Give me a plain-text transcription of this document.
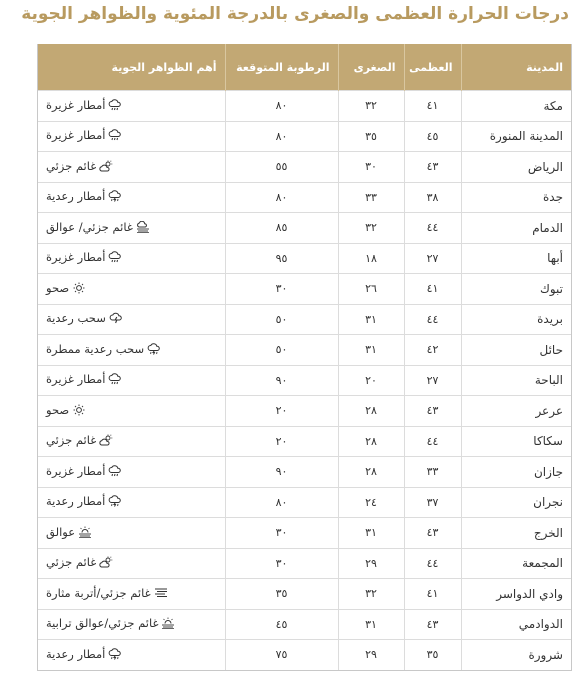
درجات الحرارة العظمى والصغرى بالدرجة المئوية والظواهر الجوية
المدينة	العظمى	الصغرى	الرطوبة المتوقعة	أهم الظواهر الجوية
مكة	٤١	٣٢	٨٠	أمطار غزيرة

المدينة المنورة	٤٥	٣٥	٨٠	أمطار غزيرة

الرياض	٤٣	٣٠	٥٥	غائم جزئي

جدة	٣٨	٣٣	٨٠	أمطار رعدية

الدمام	٤٤	٣٢	٨٥	غائم جزئي/ عوالق

أبها	٢٧	١٨	٩٥	أمطار غزيرة

تبوك	٤١	٢٦	٣٠	صحو

بريدة	٤٤	٣١	٥٠	سحب رعدية

حائل	٤٢	٣١	٥٠	سحب رعدية ممطرة

الباحة	٢٧	٢٠	٩٠	أمطار غزيرة

عرعر	٤٣	٢٨	٢٠	صحو

سكاكا	٤٤	٢٨	٢٠	غائم جزئي

جازان	٣٣	٢٨	٩٠	أمطار غزيرة

نجران	٣٧	٢٤	٨٠	أمطار رعدية

الخرج	٤٣	٣١	٣٠	عوالق

المجمعة	٤٤	٢٩	٣٠	غائم جزئي

وادي الدواسر	٤١	٣٢	٣٥	غائم جزئي/أتربة مثارة

الدوادمي	٤٣	٣١	٤٥	غائم جزئي/عوالق ترابية

شرورة	٣٥	٢٩	٧٥	أمطار رعدية
